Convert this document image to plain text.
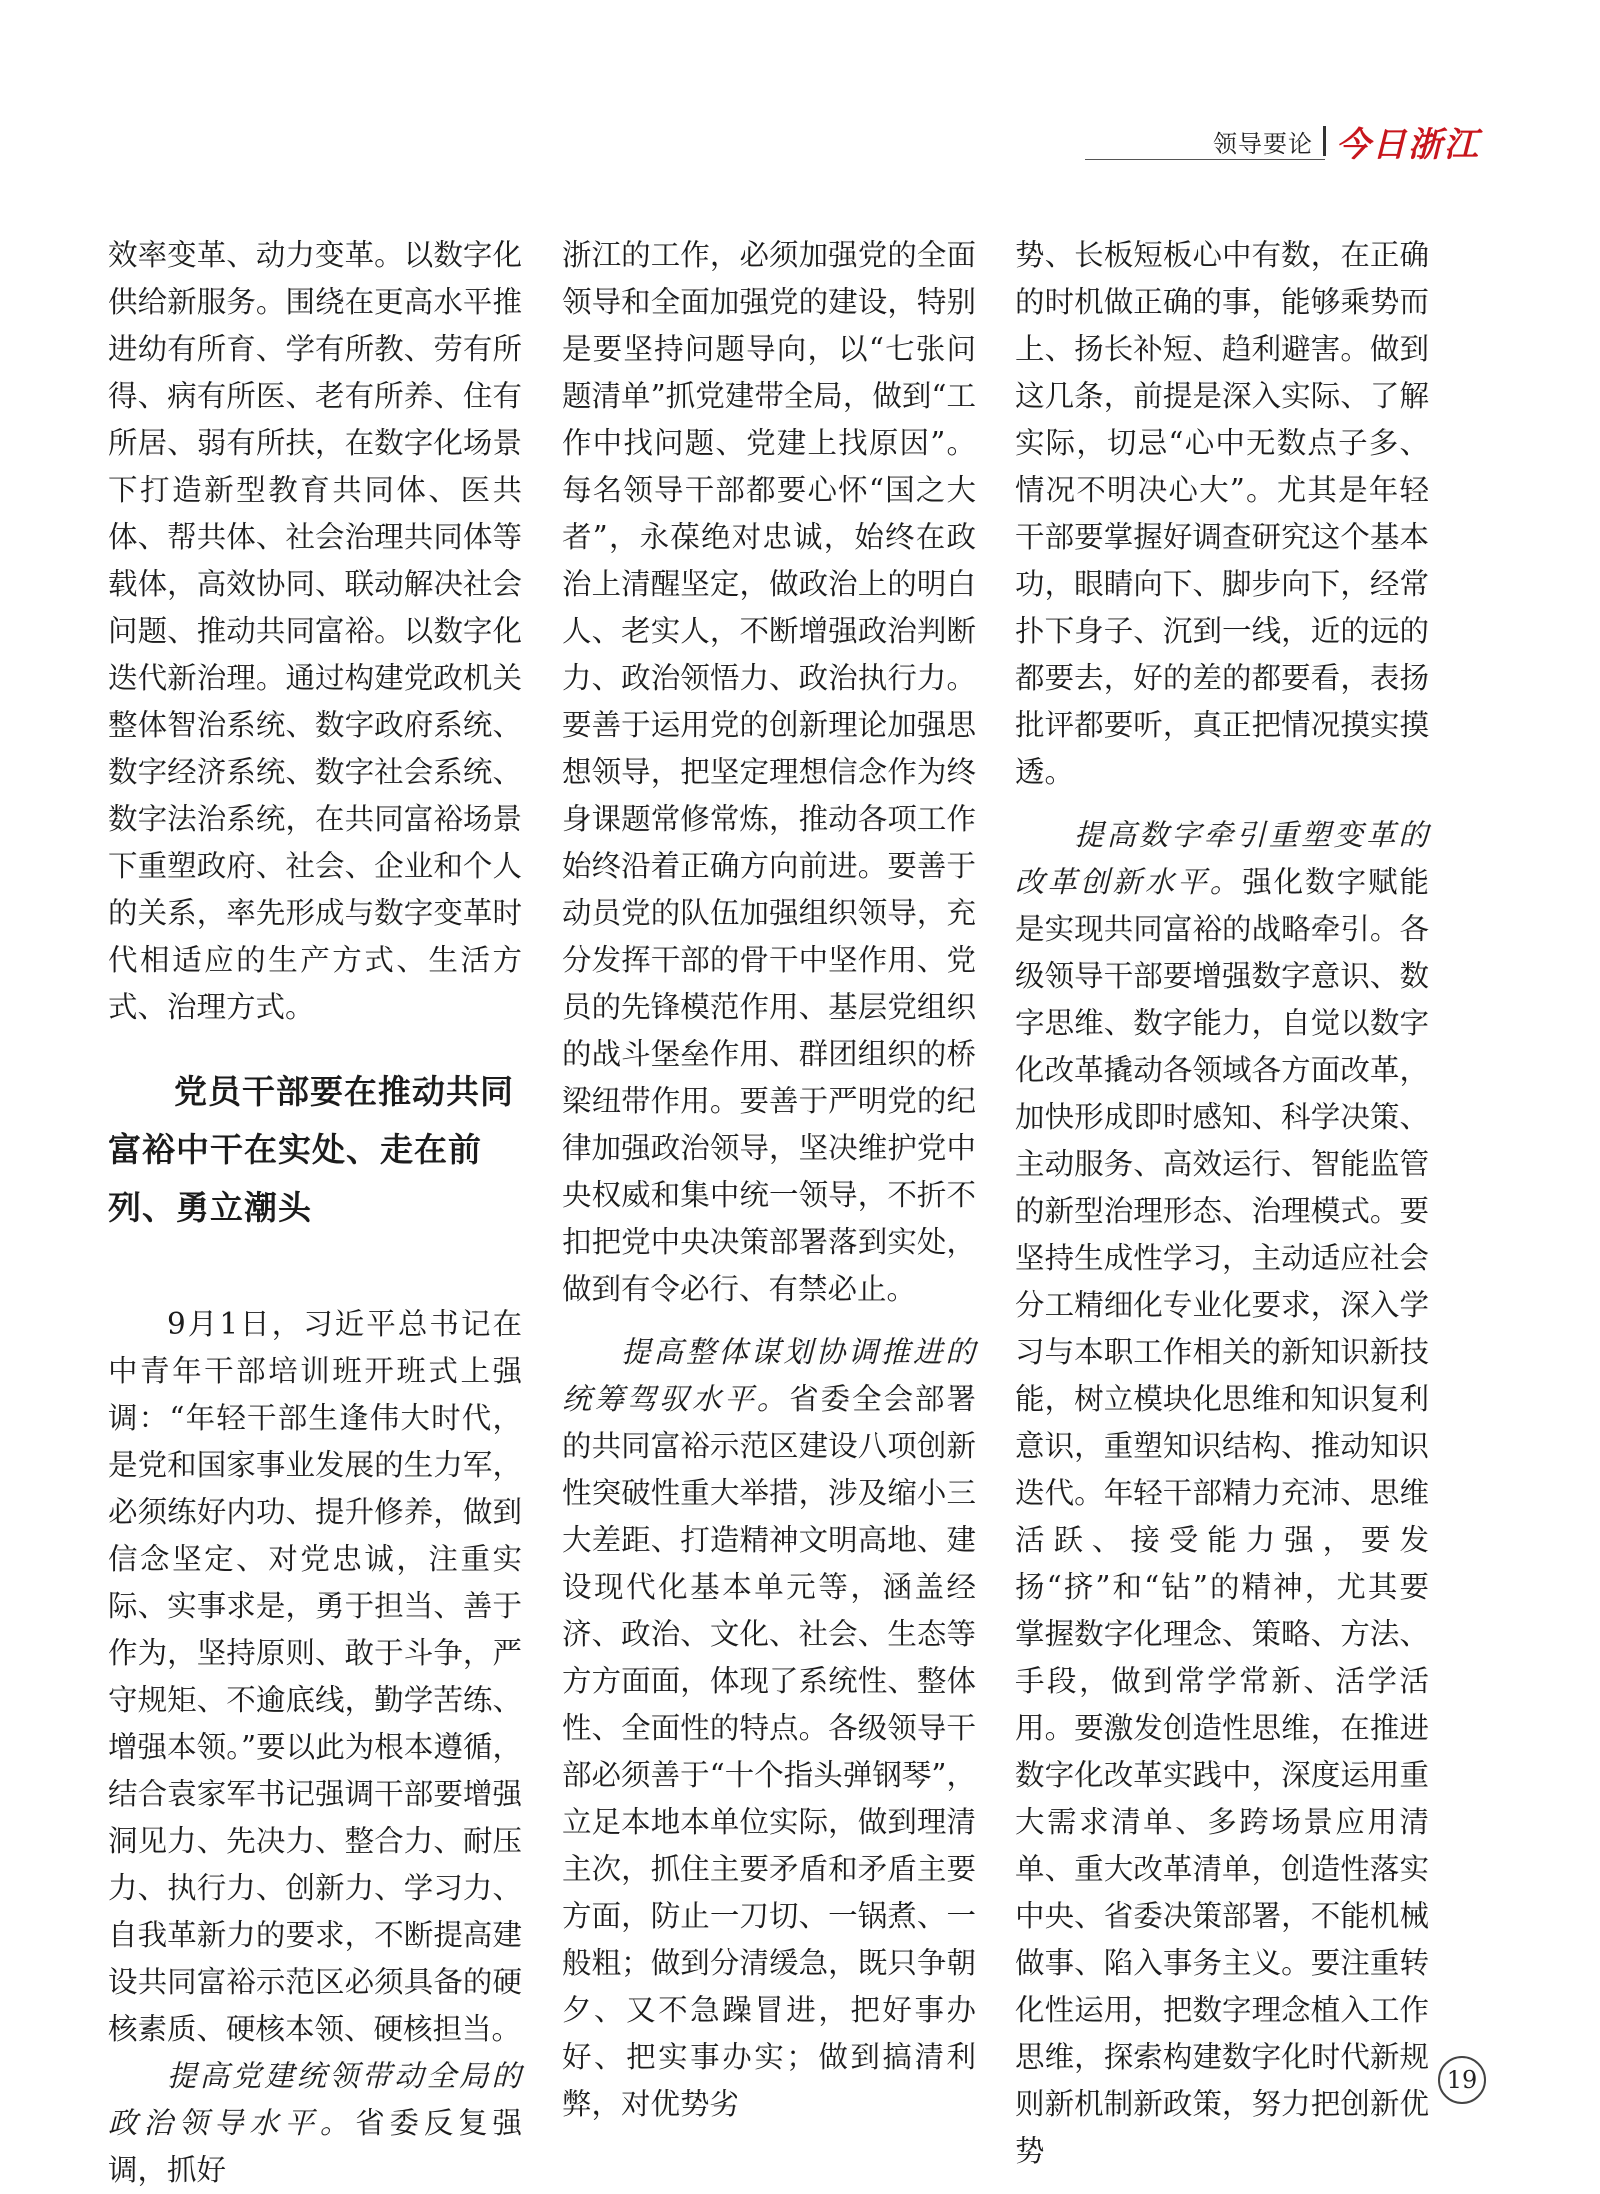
领导要论 今日浙江

效率变革、动力变革。以数字化供给新服务。围绕在更高水平推进幼有所育、学有所教、劳有所得、病有所医、老有所养、住有所居、弱有所扶，在数字化场景下打造新型教育共同体、医共体、帮共体、社会治理共同体等载体，高效协同、联动解决社会问题、推动共同富裕。以数字化迭代新治理。通过构建党政机关整体智治系统、数字政府系统、数字经济系统、数字社会系统、数字法治系统，在共同富裕场景下重塑政府、社会、企业和个人的关系，率先形成与数字变革时代相适应的生产方式、生活方式、治理方式。

党员干部要在推动共同富裕中干在实处、走在前列、勇立潮头

9月1日，习近平总书记在中青年干部培训班开班式上强调：“年轻干部生逢伟大时代，是党和国家事业发展的生力军，必须练好内功、提升修养，做到信念坚定、对党忠诚，注重实际、实事求是，勇于担当、善于作为，坚持原则、敢于斗争，严守规矩、不逾底线，勤学苦练、增强本领。”要以此为根本遵循，结合袁家军书记强调干部要增强洞见力、先决力、整合力、耐压力、执行力、创新力、学习力、自我革新力的要求，不断提高建设共同富裕示范区必须具备的硬核素质、硬核本领、硬核担当。

提高党建统领带动全局的政治领导水平。省委反复强调，抓好

浙江的工作，必须加强党的全面领导和全面加强党的建设，特别是要坚持问题导向，以“七张问题清单”抓党建带全局，做到“工作中找问题、党建上找原因”。每名领导干部都要心怀“国之大者”，永葆绝对忠诚，始终在政治上清醒坚定，做政治上的明白人、老实人，不断增强政治判断力、政治领悟力、政治执行力。要善于运用党的创新理论加强思想领导，把坚定理想信念作为终身课题常修常炼，推动各项工作始终沿着正确方向前进。要善于动员党的队伍加强组织领导，充分发挥干部的骨干中坚作用、党员的先锋模范作用、基层党组织的战斗堡垒作用、群团组织的桥梁纽带作用。要善于严明党的纪律加强政治领导，坚决维护党中央权威和集中统一领导，不折不扣把党中央决策部署落到实处，做到有令必行、有禁必止。

提高整体谋划协调推进的统筹驾驭水平。省委全会部署的共同富裕示范区建设八项创新性突破性重大举措，涉及缩小三大差距、打造精神文明高地、建设现代化基本单元等，涵盖经济、政治、文化、社会、生态等方方面面，体现了系统性、整体性、全面性的特点。各级领导干部必须善于“十个指头弹钢琴”，立足本地本单位实际，做到理清主次，抓住主要矛盾和矛盾主要方面，防止一刀切、一锅煮、一般粗；做到分清缓急，既只争朝夕、又不急躁冒进，把好事办好、把实事办实；做到搞清利弊，对优势劣

势、长板短板心中有数，在正确的时机做正确的事，能够乘势而上、扬长补短、趋利避害。做到这几条，前提是深入实际、了解实际，切忌“心中无数点子多、情况不明决心大”。尤其是年轻干部要掌握好调查研究这个基本功，眼睛向下、脚步向下，经常扑下身子、沉到一线，近的远的都要去，好的差的都要看，表扬批评都要听，真正把情况摸实摸透。

提高数字牵引重塑变革的改革创新水平。强化数字赋能是实现共同富裕的战略牵引。各级领导干部要增强数字意识、数字思维、数字能力，自觉以数字化改革撬动各领域各方面改革，加快形成即时感知、科学决策、主动服务、高效运行、智能监管的新型治理形态、治理模式。要坚持生成性学习，主动适应社会分工精细化专业化要求，深入学习与本职工作相关的新知识新技能，树立模块化思维和知识复利意识，重塑知识结构、推动知识迭代。年轻干部精力充沛、思维活跃、接受能力强，要发扬“挤”和“钻”的精神，尤其要掌握数字化理念、策略、方法、手段，做到常学常新、活学活用。要激发创造性思维，在推进数字化改革实践中，深度运用重大需求清单、多跨场景应用清单、重大改革清单，创造性落实中央、省委决策部署，不能机械做事、陷入事务主义。要注重转化性运用，把数字理念植入工作思维，探索构建数字化时代新规则新机制新政策，努力把创新优势

19
